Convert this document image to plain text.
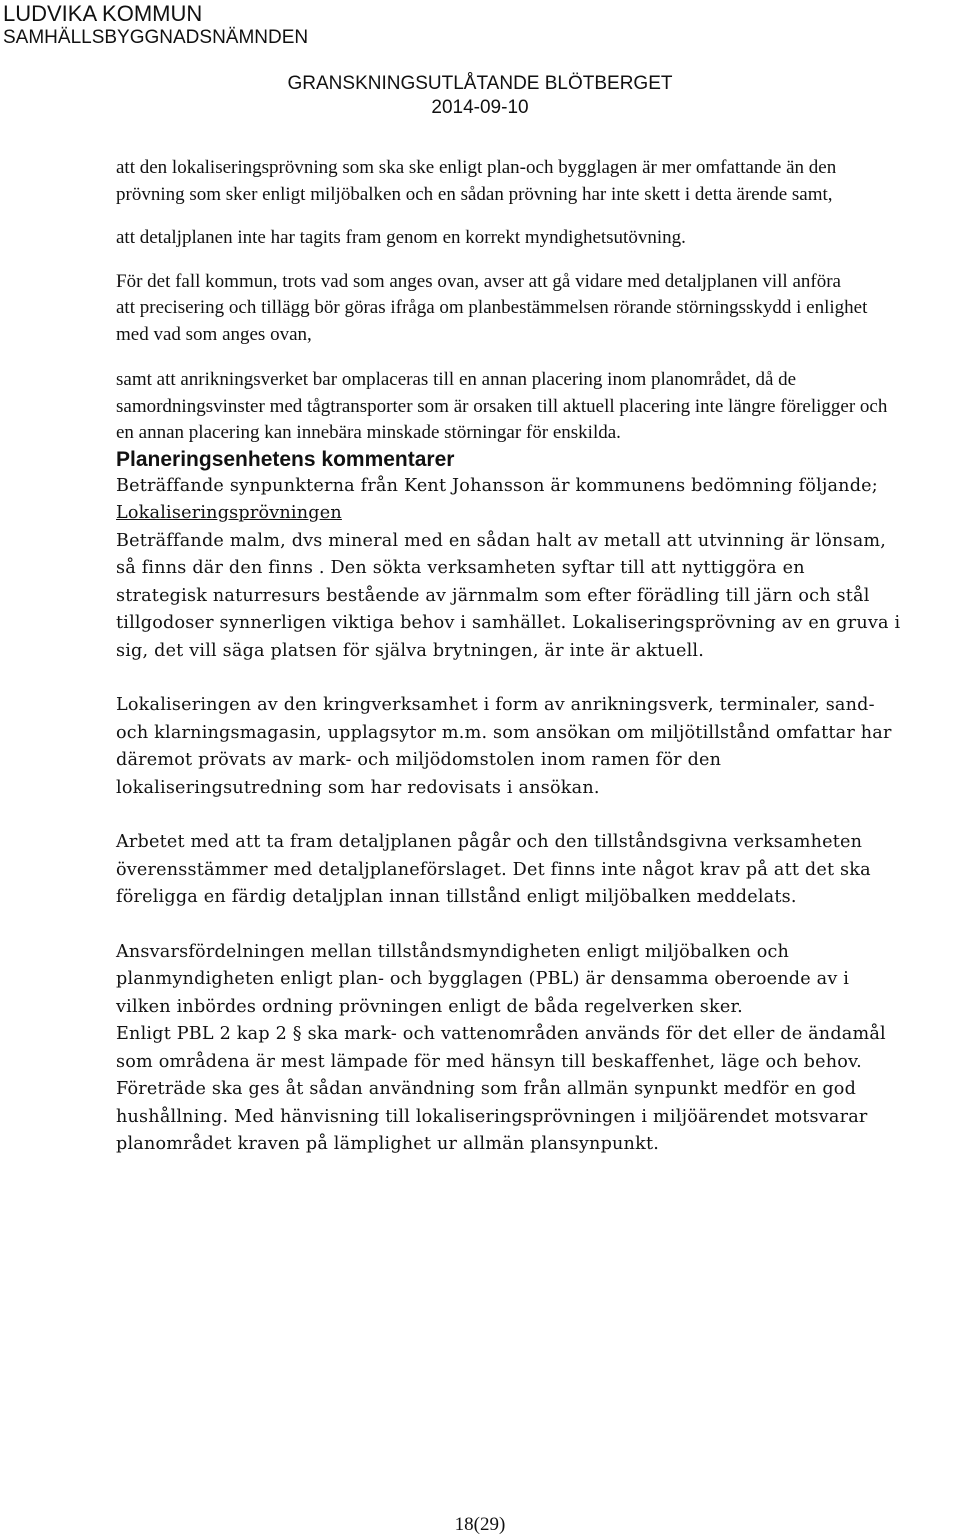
LUDVIKA KOMMUN
SAMHÄLLSBYGGNADSNÄMNDEN
GRANSKNINGSUTLÅTANDE BLÖTBERGET
2014-09-10

att den lokaliseringsprövning som ska ske enligt plan-och bygglagen är mer omfattande än den prövning som sker enligt miljöbalken och en sådan prövning har inte skett i detta ärende samt,

att detaljplanen inte har tagits fram genom en korrekt myndighetsutövning.

För det fall kommun, trots vad som anges ovan, avser att gå vidare med detaljplanen vill anföra

att precisering och tillägg bör göras ifråga om planbestämmelsen rörande störningsskydd i enlighet med vad som anges ovan,

samt att anrikningsverket bar omplaceras till en annan placering inom planområdet, då de samordningsvinster med tågtransporter som är orsaken till aktuell placering inte längre föreligger och en annan placering kan innebära minskade störningar för enskilda.

Planeringsenhetens kommentarer

Beträffande synpunkterna från Kent Johansson är kommunens bedömning följande;

Lokaliseringsprövningen

Beträffande malm, dvs mineral med en sådan halt av metall att utvinning är lönsam, så finns där den finns . Den sökta verksamheten syftar till att nyttiggöra en strategisk naturresurs bestående av järnmalm som efter förädling till järn och stål tillgodoser synnerligen viktiga behov i samhället. Lokaliseringsprövning av en gruva i sig, det vill säga platsen för själva brytningen, är inte är aktuell.

Lokaliseringen av den kringverksamhet i form av anrikningsverk, terminaler, sand- och klarningsmagasin, upplagsytor m.m. som ansökan om miljötillstånd omfattar har däremot prövats av mark- och miljödomstolen inom ramen för den lokaliseringsutredning som har redovisats i ansökan.

Arbetet med att ta fram detaljplanen pågår och den tillståndsgivna verksamheten överensstämmer med detaljplaneförslaget. Det finns inte något krav på att det ska föreligga en färdig detaljplan innan tillstånd enligt miljöbalken meddelats.

Ansvarsfördelningen mellan tillståndsmyndigheten enligt miljöbalken och planmyndigheten enligt plan- och bygglagen (PBL) är densamma oberoende av i vilken inbördes ordning prövningen enligt de båda regelverken sker.

Enligt PBL 2 kap 2 § ska mark- och vattenområden används för det eller de ändamål som områdena är mest lämpade för med hänsyn till beskaffenhet, läge och behov. Företräde ska ges åt sådan användning som från allmän synpunkt medför en god hushållning. Med hänvisning till lokaliseringsprövningen i miljöärendet motsvarar planområdet kraven på lämplighet ur allmän plansynpunkt.

18(29)
